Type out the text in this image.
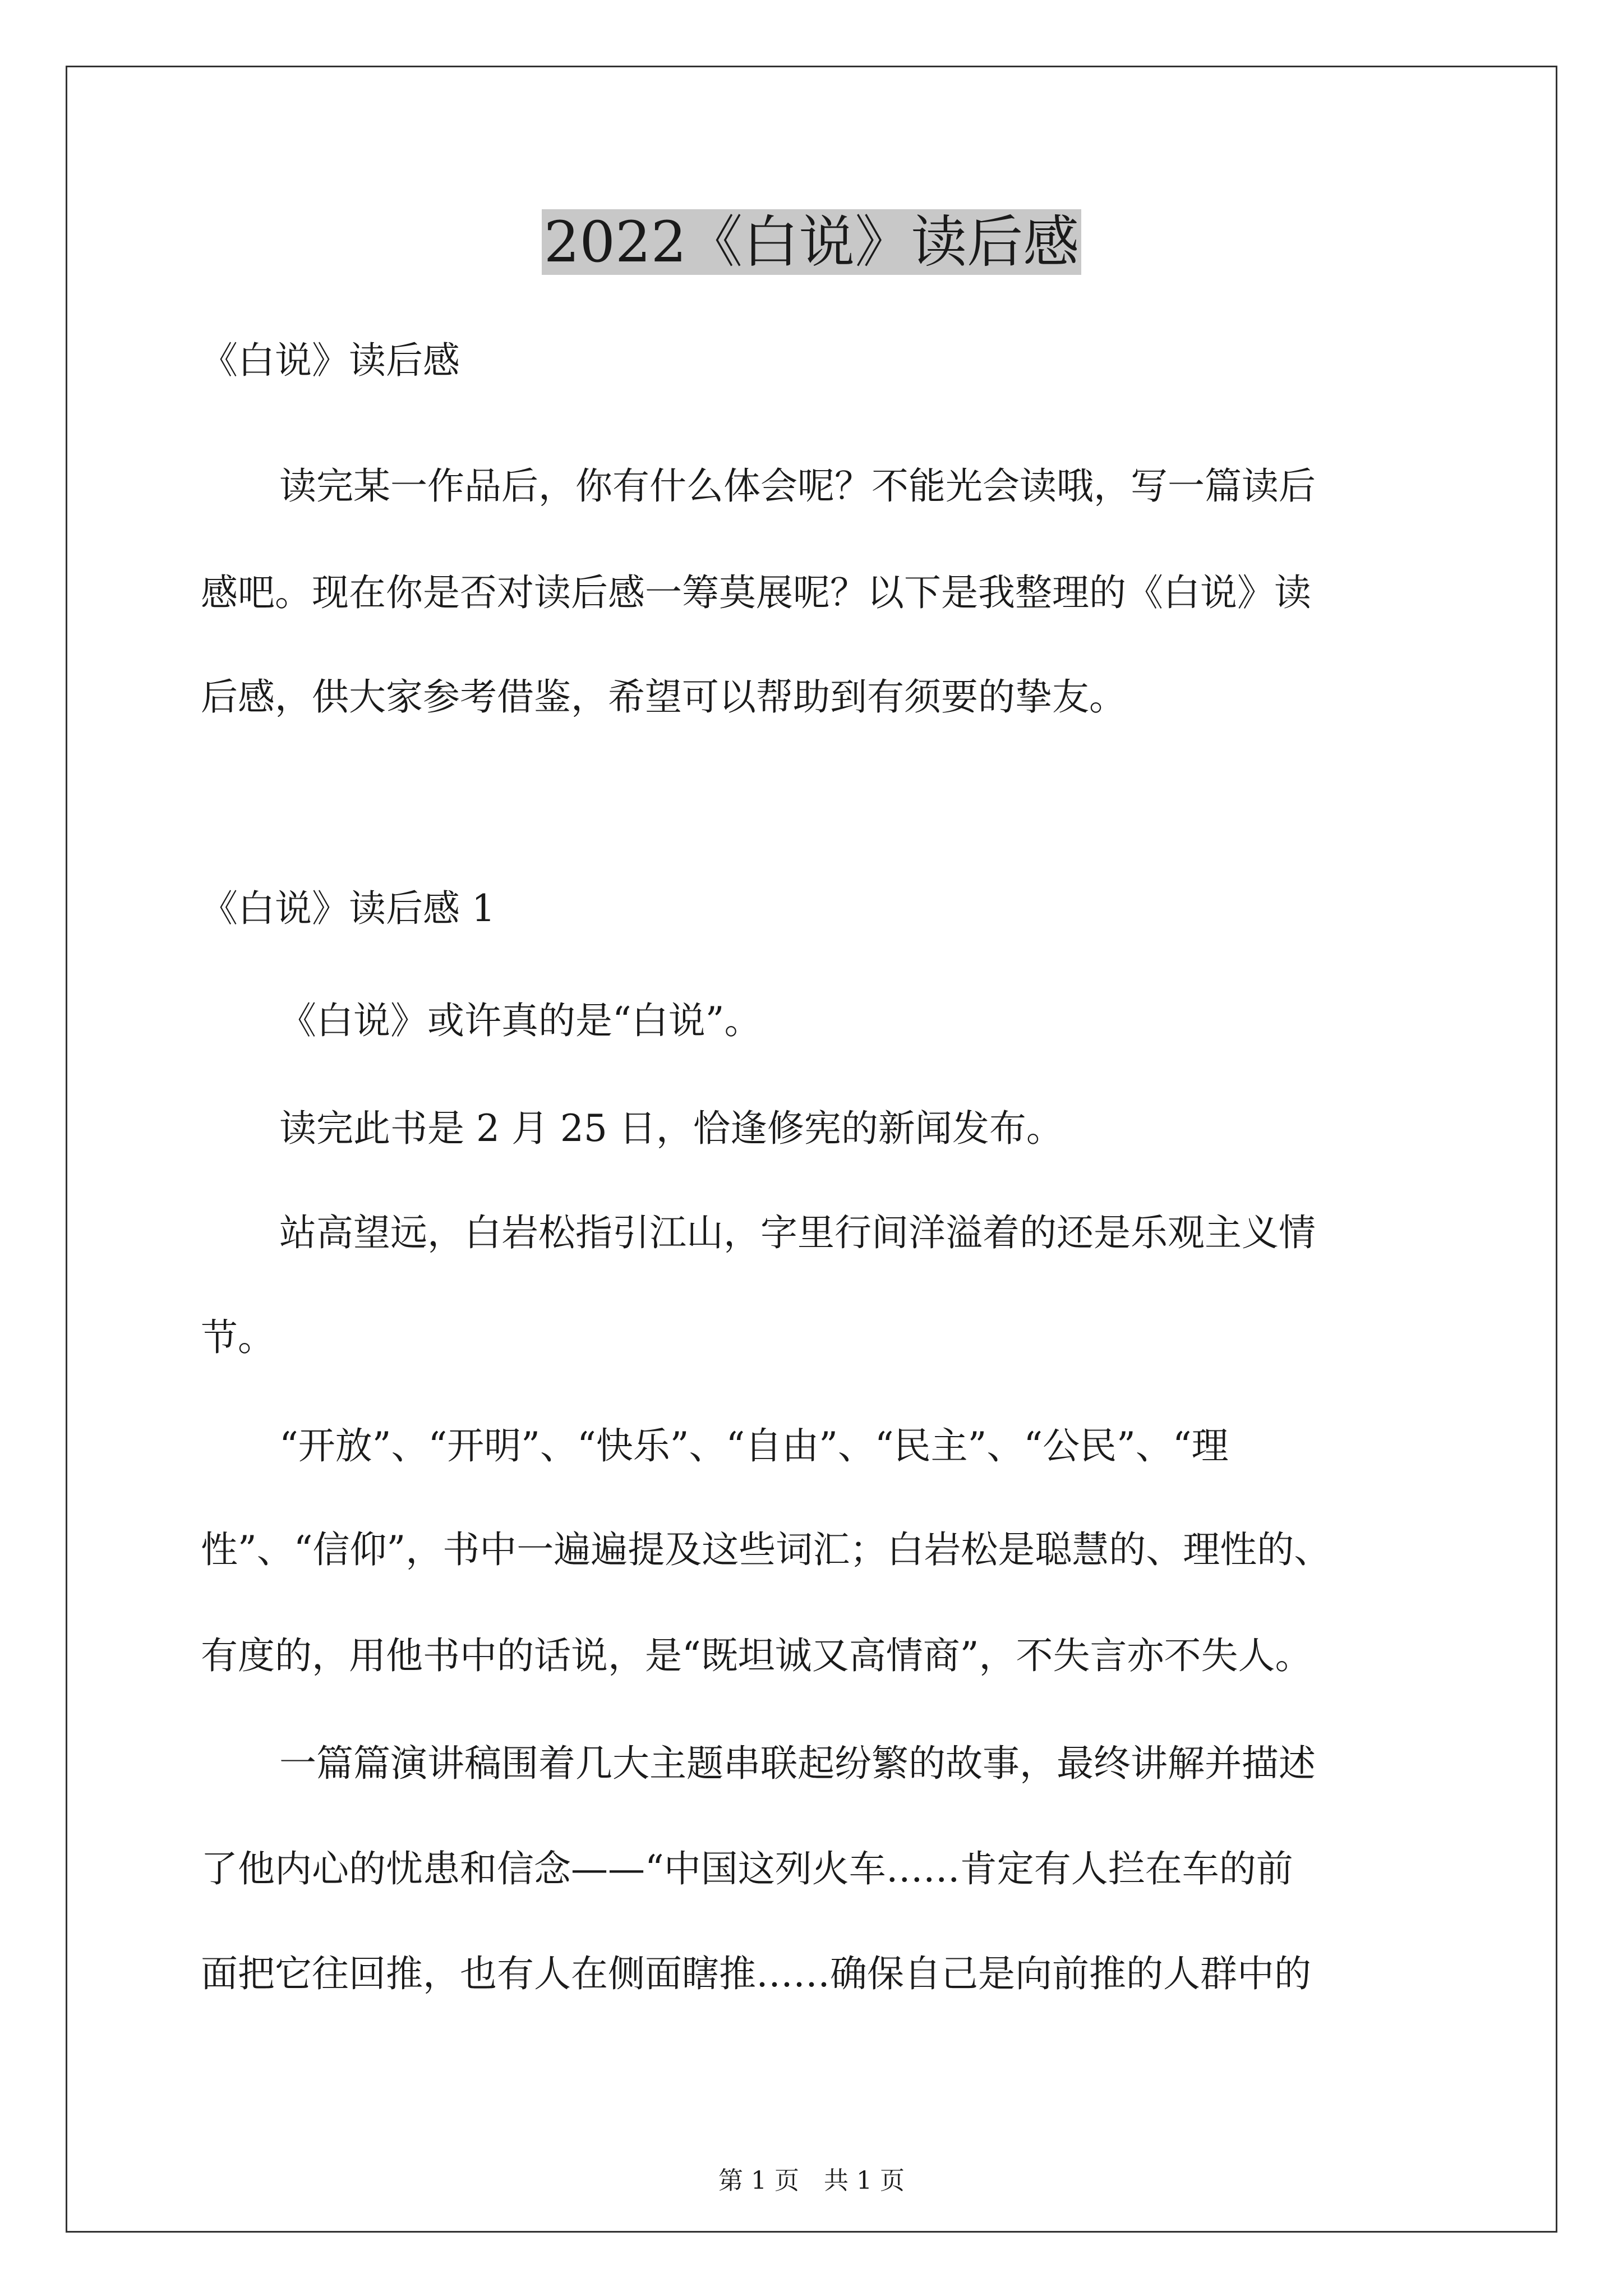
2022《白说》读后感

《白说》读后感

读完某一作品后，你有什么体会呢？不能光会读哦，写一篇读后

感吧。现在你是否对读后感一筹莫展呢？以下是我整理的《白说》读

后感，供大家参考借鉴，希望可以帮助到有须要的挚友。

《白说》读后感 1

《白说》或许真的是“白说”。

读完此书是 2 月 25 日，恰逢修宪的新闻发布。

站高望远，白岩松指引江山，字里行间洋溢着的还是乐观主义情

节。

“开放”、“开明”、“快乐”、“自由”、“民主”、“公民”、“理

性”、“信仰”，书中一遍遍提及这些词汇；白岩松是聪慧的、理性的、

有度的，用他书中的话说，是“既坦诚又高情商”，不失言亦不失人。

一篇篇演讲稿围着几大主题串联起纷繁的故事，最终讲解并描述

了他内心的忧患和信念——“中国这列火车……肯定有人拦在车的前

面把它往回推，也有人在侧面瞎推……确保自己是向前推的人群中的

第 1 页　共 1 页
